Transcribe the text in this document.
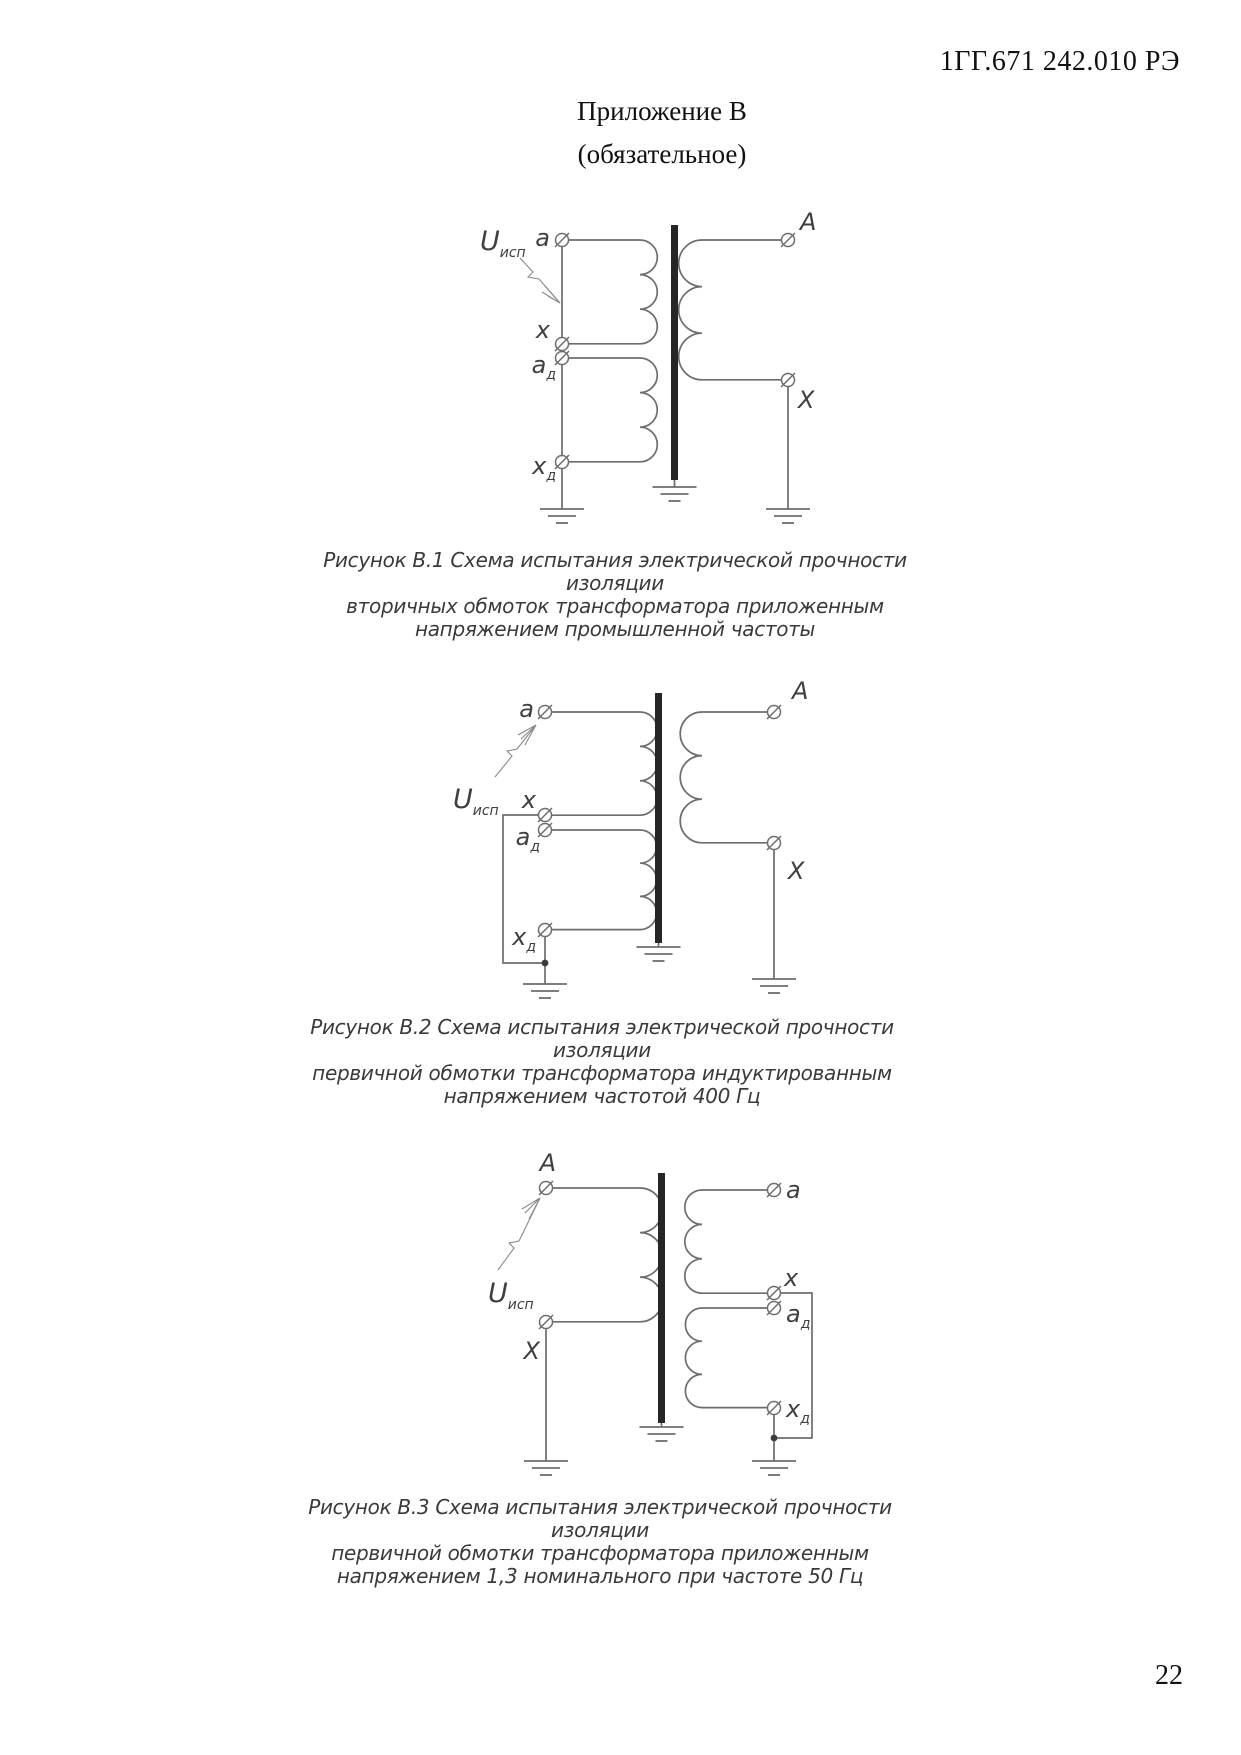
1ГГ.671 242.010 РЭ
Приложение В
(обязательное)
$U_{исп}$
a
x
$a_д$
$x_д$
A
X
Рисунок В.1 Схема испытания электрической прочности изоляции
вторичных обмоток трансформатора приложенным
напряжением промышленной частоты
$U_{исп}$
a
x
$a_д$
$x_д$
A
X
Рисунок В.2 Схема испытания электрической прочности изоляции
первичной обмотки трансформатора индуктированным
напряжением частотой 400 Гц
$U_{исп}$
A
X
a
x
$a_д$
$x_д$
Рисунок В.3 Схема испытания электрической прочности изоляции
первичной обмотки трансформатора приложенным
напряжением 1,3 номинального при частоте 50 Гц
22
